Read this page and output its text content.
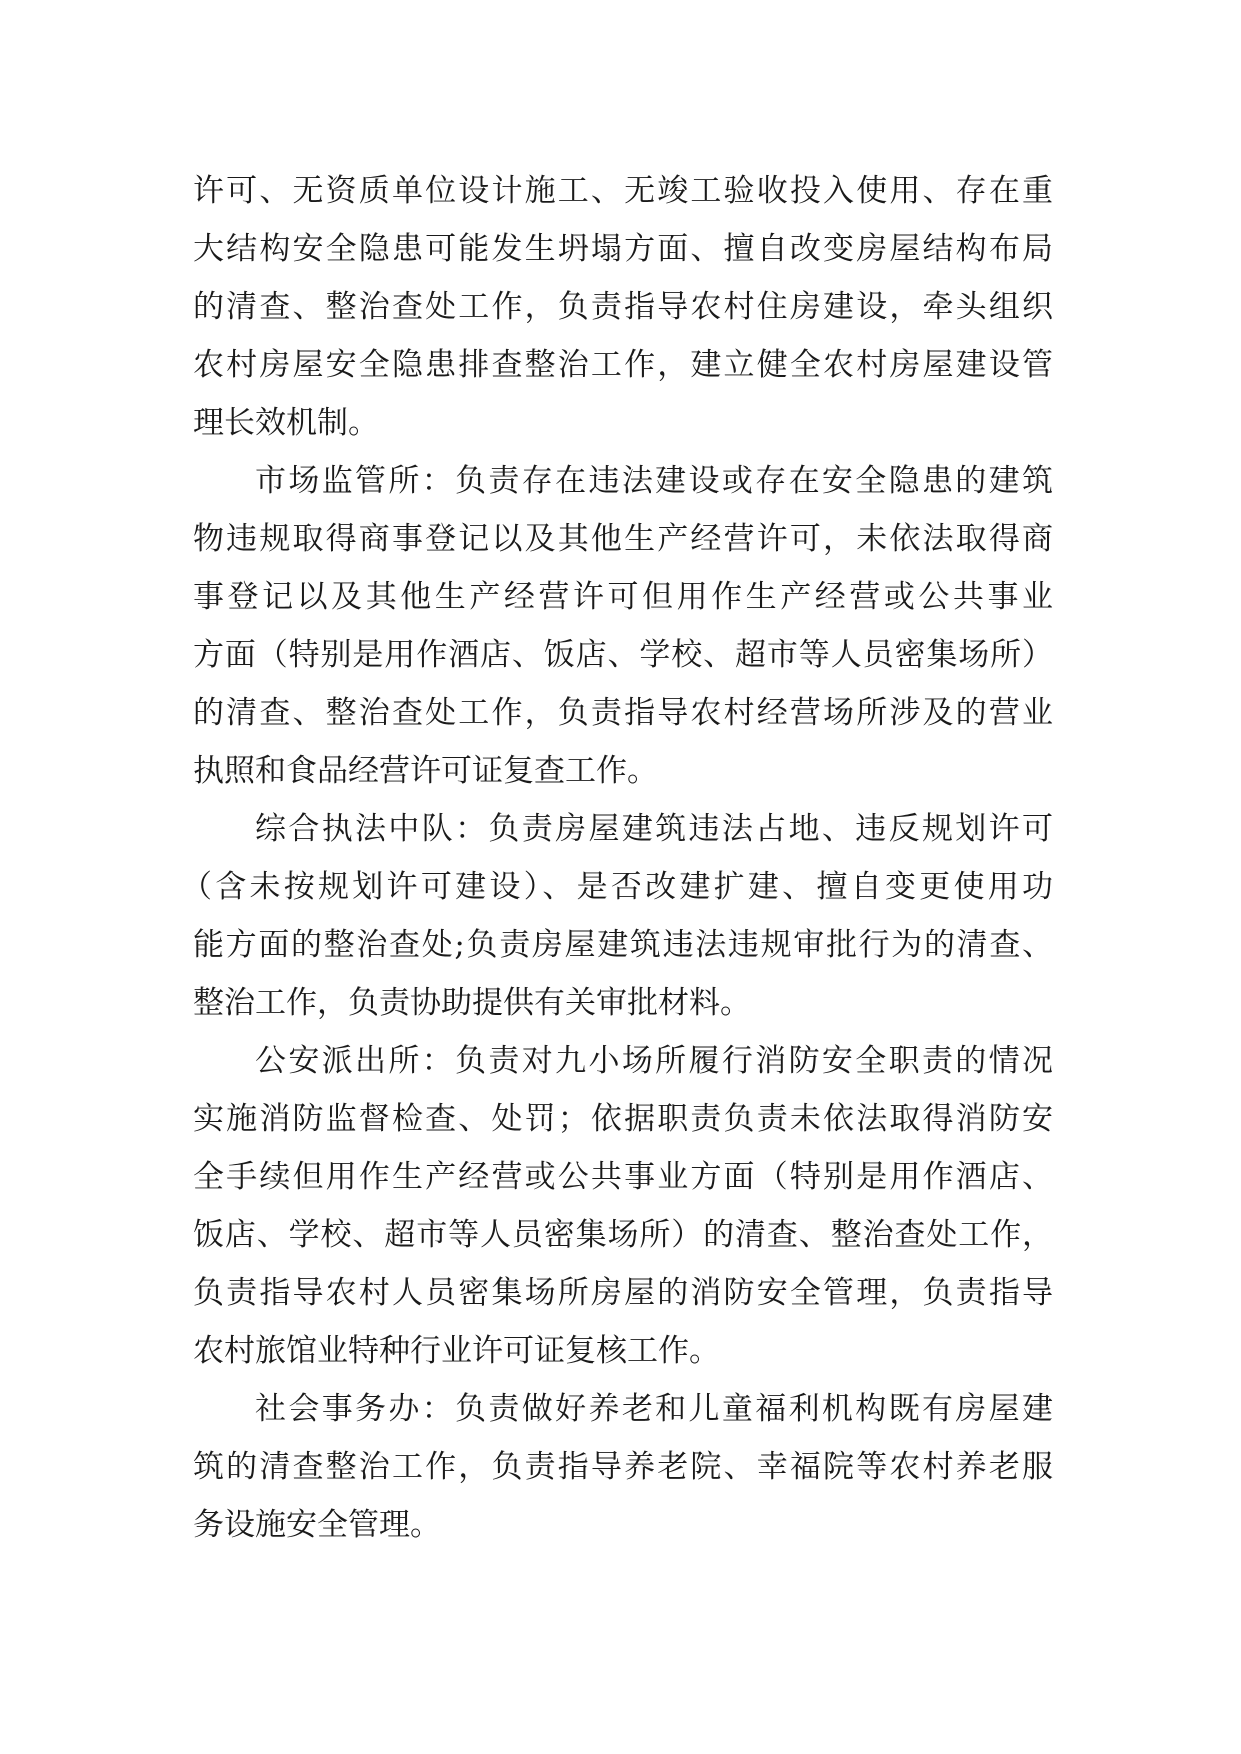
许可、无资质单位设计施工、无竣工验收投入使用、存在重
大结构安全隐患可能发生坍塌方面、擅自改变房屋结构布局
的清查、整治查处工作，负责指导农村住房建设，牵头组织
农村房屋安全隐患排查整治工作，建立健全农村房屋建设管
理长效机制。
市场监管所：负责存在违法建设或存在安全隐患的建筑
物违规取得商事登记以及其他生产经营许可，未依法取得商
事登记以及其他生产经营许可但用作生产经营或公共事业
方面（特别是用作酒店、饭店、学校、超市等人员密集场所）
的清查、整治查处工作，负责指导农村经营场所涉及的营业
执照和食品经营许可证复查工作。
综合执法中队：负责房屋建筑违法占地、违反规划许可
（含未按规划许可建设）、是否改建扩建、擅自变更使用功
能方面的整治查处;负责房屋建筑违法违规审批行为的清查、
整治工作，负责协助提供有关审批材料。
公安派出所：负责对九小场所履行消防安全职责的情况
实施消防监督检查、处罚；依据职责负责未依法取得消防安
全手续但用作生产经营或公共事业方面（特别是用作酒店、
饭店、学校、超市等人员密集场所）的清查、整治查处工作，
负责指导农村人员密集场所房屋的消防安全管理，负责指导
农村旅馆业特种行业许可证复核工作。
社会事务办：负责做好养老和儿童福利机构既有房屋建
筑的清查整治工作，负责指导养老院、幸福院等农村养老服
务设施安全管理。
